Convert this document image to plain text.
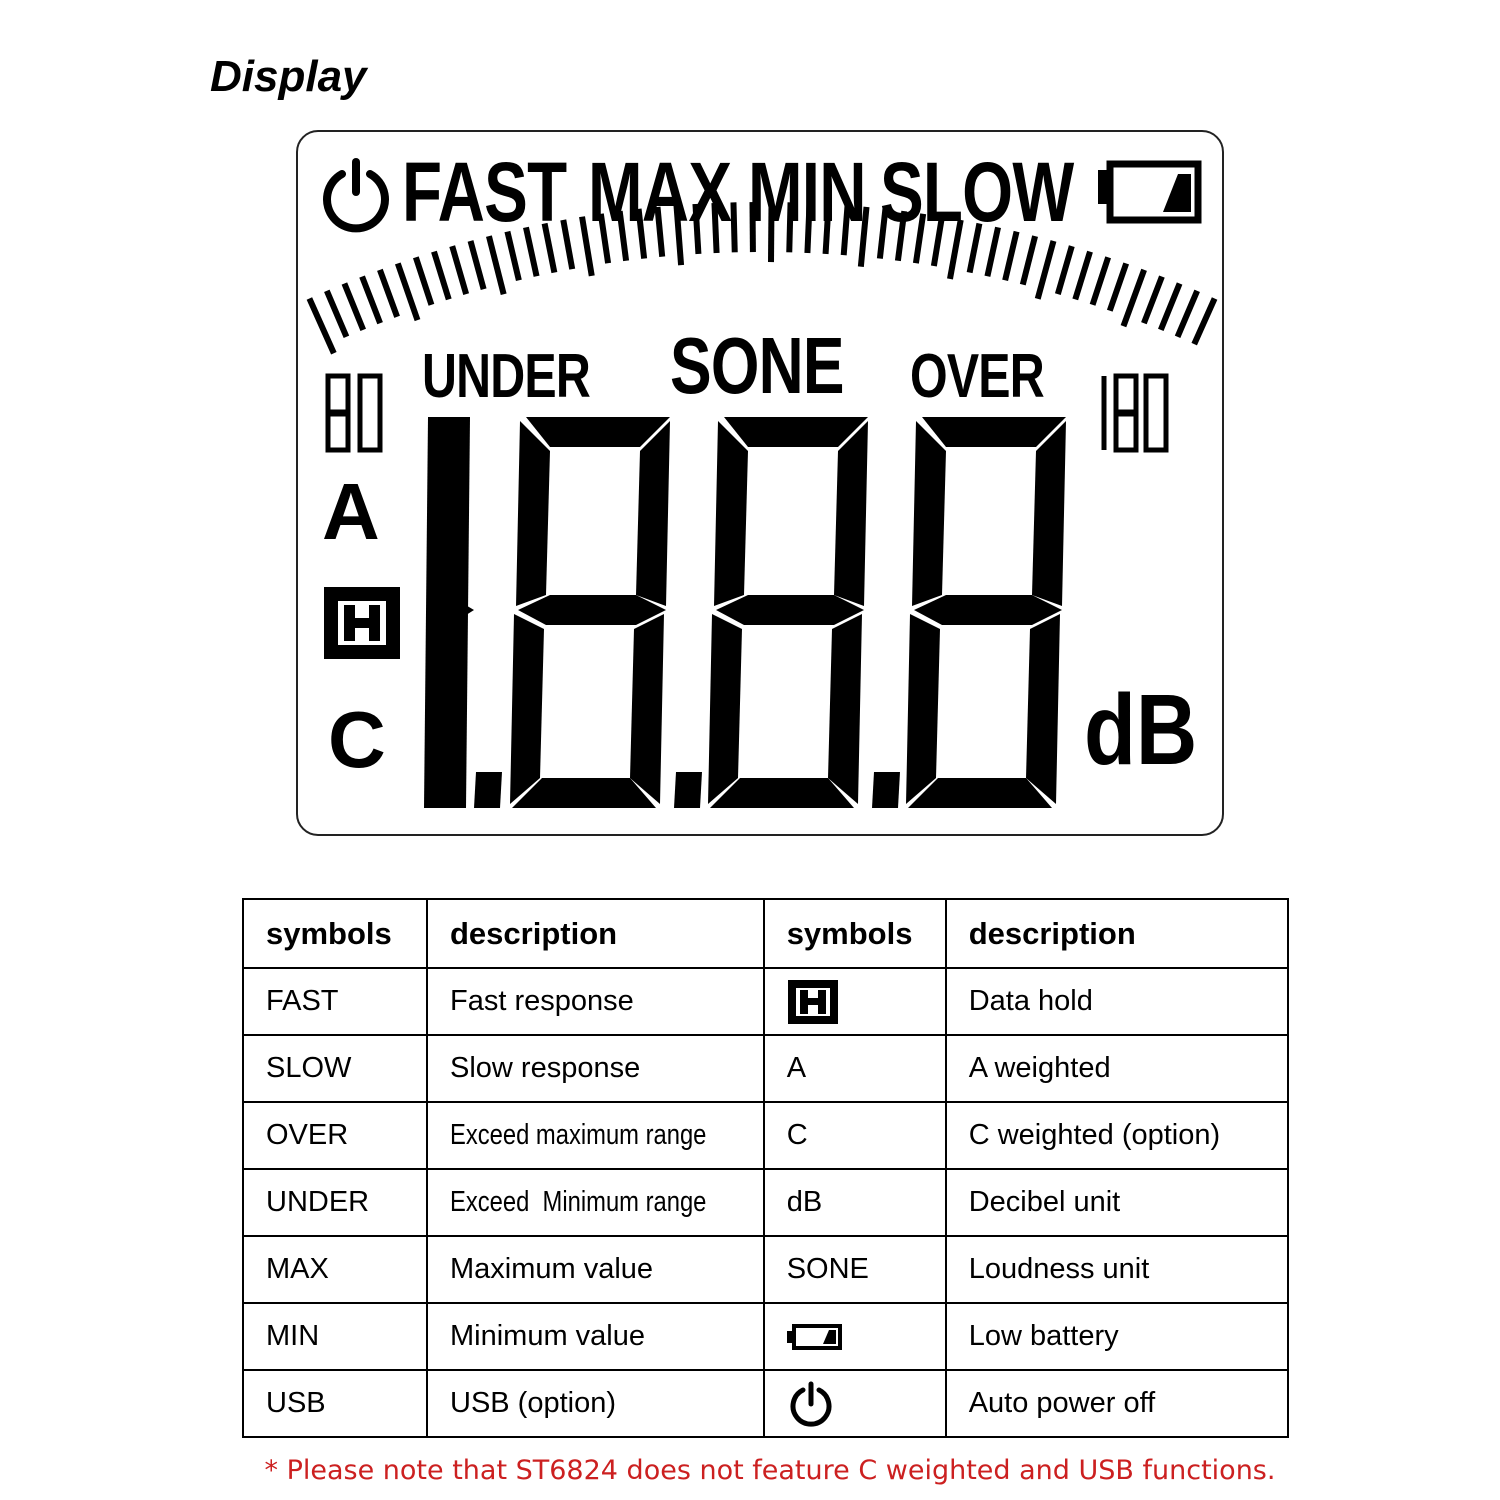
Display
FAST MAX MIN SLOW
UNDER SONE OVER
A
C	dB
symbols	description	symbols	description
FAST	Fast response		Data hold
SLOW	Slow response	A	A weighted
OVER	Exceed maximum range	C	C weighted (option)
UNDER	Exceed  Minimum range	dB	Decibel unit
MAX	Maximum value	SONE	Loudness unit
MIN	Minimum value		Low battery
USB	USB (option)		Auto power off
* Please note that ST6824 does not feature C weighted and USB functions.
